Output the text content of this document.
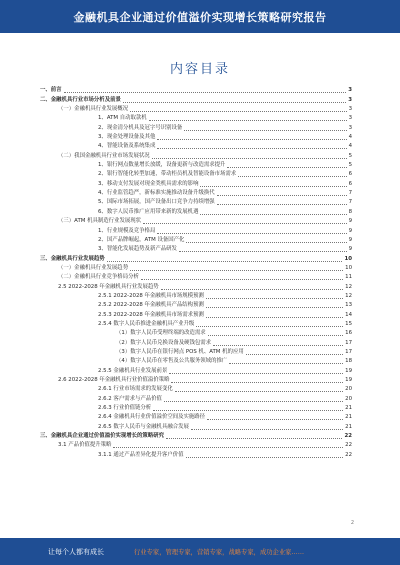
金融机具企业通过价值溢价实现增长策略研究报告
内容目录
一、前言	3
二、金融机具行业市场分析及前景	3
（一）金融机具行业发展概况	3
1、ATM 自动取款机	3
2、现金清分机具及冠字号识别设备	3
3、现金处理设备及其他	4
4、智能设备及系统集成	4
（二）我国金融机具行业市场发展状况	5
1、银行网点数量增长放缓，设备更新与改造需求提升	5
2、银行智能化转型加速，带动柜员机及智能设备市场需求	6
3、移动支付发展对现金类机具需求的影响	6
4、行业监管趋严，新标准实施推动设备升级换代	7
5、国际市场拓展，国产设备出口竞争力持续增强	7
6、数字人民币推广应用带来新的发展机遇	8
（三）ATM 机具制造行业发展现状	9
1、行业规模及竞争格局	9
2、国产品牌崛起，ATM 设备国产化	9
3、智能化发展趋势及新产品研发	9
三、金融机具行业发展趋势	10
（一）金融机具行业发展趋势	10
（二）金融机具行业竞争格局分析	11
2.5 2022-2028 年金融机具行业发展趋势	12
2.5.1 2022-2028 年金融机具市场规模预测	12
2.5.2 2022-2028 年金融机具产品结构预测	13
2.5.3 2022-2028 年金融机具市场需求预测	14
2.5.4 数字人民币推进金融机具产业升级	15
（1）数字人民币受理终端的改造需求	16
（2）数字人民币兑换设备及硬钱包需求	17
（3）数字人民币在银行网点 POS 机、ATM 机的应用	17
（4）数字人民币在零售及公共服务领域的推广	18
2.5.5 金融机具行业发展前景	19
2.6 2022-2028 年金融机具行业价值溢价策略	19
2.6.1 行业市场需求的发展变化	20
2.6.2 客户需求与产品价值	20
2.6.3 行业价值链分析	21
2.6.4 金融机具行业价值溢价空间及实施路径	21
2.6.5 数字人民币与金融机具融合发展	21
三、金融机具企业通过价值溢价实现增长的策略研究	22
3.1 产品价值提升策略	22
3.1.1 通过产品差异化提升客户价值	22
2
让每个人都有成长	行业专家，管理专家，营销专家，战略专家，成功企业家……
